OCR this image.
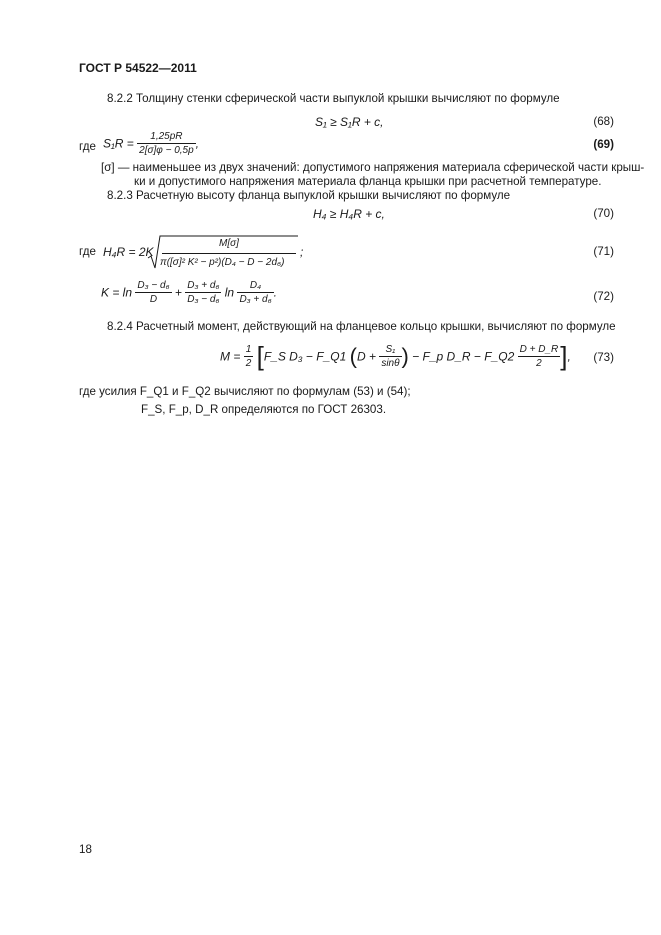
ГОСТ Р 54522—2011
8.2.2 Толщину стенки сферической части выпуклой крышки вычисляют по формуле
S₁ ≥ S₁R + c,	(68)
где $S_1R = \frac{1,25pR}{2[\sigma]\varphi - 0,5p}$ ,	(69)
[σ] — наименьшее из двух значений: допустимого напряжения материала сферической части крыш-
ки и допустимого напряжения материала фланца крышки при расчетной температуре.
8.2.3 Расчетную высоту фланца выпуклой крышки вычисляют по формуле
H₄ ≥ H₄R + c,	(70)
где H₄R = 2K
M[σ]
π([σ]² K² − p²)(D₄ − D − 2d₆)
;	(71)
$K = \ln \frac{\text{D₃ − d₆}}{D} + \frac{\text{D₃ + d₆}}{\text{D₃ − d₆}}$ $\ln \frac{\text{D₄}}{\text{D₃ + d₆}}$ .	(72)
8.2.4 Расчетный момент, действующий на фланцевое кольцо крышки, вычисляют по формуле
$M = \frac{1}{2}$ [F_S D₃ − F_Q1 ($D + \frac{\text{S₁}}{\sin\theta}$ ) − F_p D_R − F_Q2 $\frac{D + D\_R}{2}$ ], (73)
где усилия F_Q1 и F_Q2 вычисляют по формулам (53) и (54);
F_S, F_p, D_R определяются по ГОСТ 26303.
18
